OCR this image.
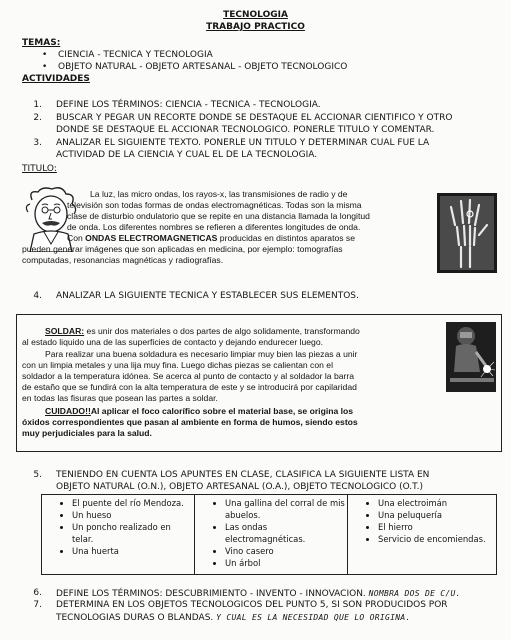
TECNOLOGIA
TRABAJO PRACTICO
TEMAS:
• CIENCIA - TECNICA Y TECNOLOGIA
• OBJETO NATURAL - OBJETO ARTESANAL - OBJETO TECNOLOGICO
ACTIVIDADES
1. DEFINE LOS TÉRMINOS: CIENCIA - TECNICA - TECNOLOGIA.
2. BUSCAR Y PEGAR UN RECORTE DONDE SE DESTAQUE EL ACCIONAR CIENTIFICO Y OTRO
DONDE SE DESTAQUE EL ACCIONAR TECNOLOGICO. PONERLE TITULO Y COMENTAR.
3. ANALIZAR EL SIGUIENTE TEXTO. PONERLE UN TITULO Y DETERMINAR CUAL FUE LA
ACTIVIDAD DE LA CIENCIA Y CUAL EL DE LA TECNOLOGIA.
TITULO:
La luz, las micro ondas, los rayos-x, las transmisiones de radio y de
televisión son todas formas de ondas electromagnéticas. Todas son la misma
clase de disturbio ondulatorio que se repite en una distancia llamada la longitud
de onda. Los diferentes nombres se refieren a diferentes longitudes de onda.
Con ONDAS ELECTROMAGNETICAS producidas en distintos aparatos se
pueden generar imágenes que son aplicadas en medicina, por ejemplo: tomografías
computadas, resonancias magnéticas y radiografías.
4. ANALIZAR LA SIGUIENTE TECNICA Y ESTABLECER SUS ELEMENTOS.
SOLDAR: es unir dos materiales o dos partes de algo solidamente, transformando
al estado liquido una de las superficies de contacto y dejando endurecer luego.
Para realizar una buena soldadura es necesario limpiar muy bien las piezas a unir
con un limpia metales y una lija muy fina. Luego dichas piezas se calientan con el
soldador a la temperatura idónea. Se acerca al punto de contacto y al soldador la barra
de estaño que se fundirá con la alta temperatura de este y se introducirá por capilaridad
en todas las fisuras que posean las partes a soldar.
CUIDADO!!Al aplicar el foco calorífico sobre el material base, se origina los
óxidos correspondientes que pasan al ambiente en forma de humos, siendo estos
muy perjudiciales para la salud.
5. TENIENDO EN CUENTA LOS APUNTES EN CLASE, CLASIFICA LA SIGUIENTE LISTA EN
OBJETO NATURAL (O.N.), OBJETO ARTESANAL (O.A.), OBJETO TECNOLOGICO (O.T.)
• El puente del río Mendoza.
• Un hueso
• Un poncho realizado en telar.
• Una huerta

• Una gallina del corral de mis abuelos.
• Las ondas electromagnéticas.
• Vino casero
• Un árbol

• Una electroimán
• Una peluquería
• El hierro
• Servicio de encomiendas.
6. DEFINE LOS TÉRMINOS: DESCUBRIMIENTO - INVENTO - INNOVACION. NOMBRA DOS DE C/U.
7. DETERMINA EN LOS OBJETOS TECNOLOGICOS DEL PUNTO 5, SI SON PRODUCIDOS POR
TECNOLOGIAS DURAS O BLANDAS. Y CUAL ES LA NECESIDAD QUE LO ORIGINA.
